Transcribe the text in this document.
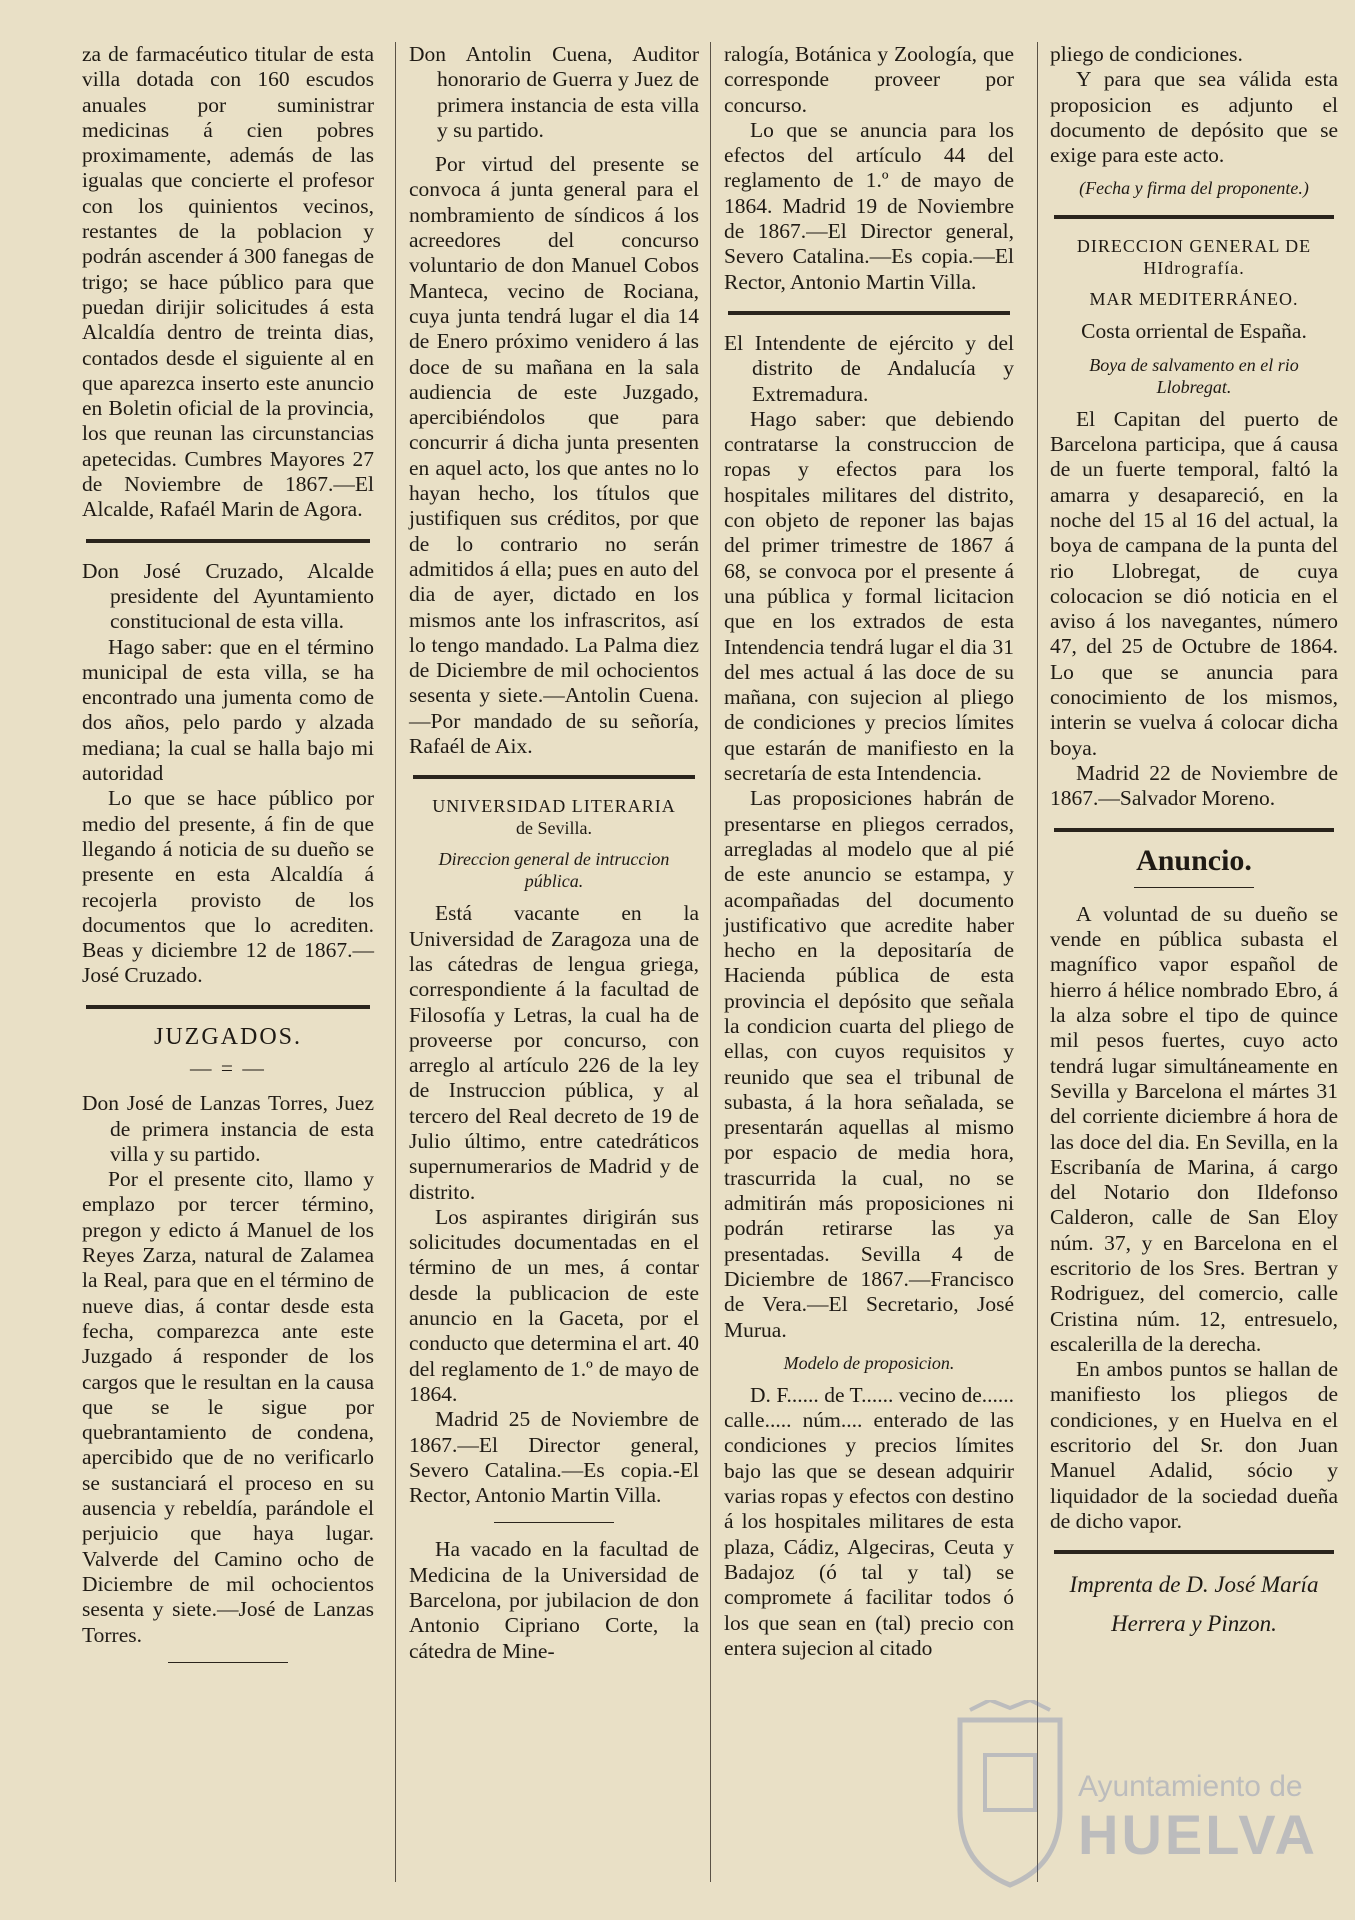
za de farmacéutico titular de esta villa dotada con 160 escudos anuales por suministrar medicinas á cien pobres proximamente, además de las igualas que concierte el profesor con los quinientos vecinos, restantes de la poblacion y podrán ascender á 300 fanegas de trigo; se hace público para que puedan dirijir solicitudes á esta Alcaldía dentro de treinta dias, contados desde el siguiente al en que aparezca inserto este anuncio en Boletin oficial de la provincia, los que reunan las circunstancias apetecidas. Cumbres Mayores 27 de Noviembre de 1867.—El Alcalde, Rafaél Marin de Agora.

Don José Cruzado, Alcalde presidente del Ayuntamiento constitucional de esta villa.

Hago saber: que en el término municipal de esta villa, se ha encontrado una jumenta como de dos años, pelo pardo y alzada mediana; la cual se halla bajo mi autoridad

Lo que se hace público por medio del presente, á fin de que llegando á noticia de su dueño se presente en esta Alcaldía á recojerla provisto de los documentos que lo acrediten. Beas y diciembre 12 de 1867.—José Cruzado.

JUZGADOS.
— = —

Don José de Lanzas Torres, Juez de primera instancia de esta villa y su partido.

Por el presente cito, llamo y emplazo por tercer término, pregon y edicto á Manuel de los Reyes Zarza, natural de Zalamea la Real, para que en el término de nueve dias, á contar desde esta fecha, comparezca ante este Juzgado á responder de los cargos que le resultan en la causa que se le sigue por quebrantamiento de condena, apercibido que de no verificarlo se sustanciará el proceso en su ausencia y rebeldía, parándole el perjuicio que haya lugar. Valverde del Camino ocho de Diciembre de mil ochocientos sesenta y siete.—José de Lanzas Torres.

Don Antolin Cuena, Auditor honorario de Guerra y Juez de primera instancia de esta villa y su partido.

Por virtud del presente se convoca á junta general para el nombramiento de síndicos á los acreedores del concurso voluntario de don Manuel Cobos Manteca, vecino de Rociana, cuya junta tendrá lugar el dia 14 de Enero próximo venidero á las doce de su mañana en la sala audiencia de este Juzgado, apercibiéndolos que para concurrir á dicha junta presenten en aquel acto, los que antes no lo hayan hecho, los títulos que justifiquen sus créditos, por que de lo contrario no serán admitidos á ella; pues en auto del dia de ayer, dictado en los mismos ante los infrascritos, así lo tengo mandado. La Palma diez de Diciembre de mil ochocientos sesenta y siete.—Antolin Cuena.—Por mandado de su señoría, Rafaél de Aix.

UNIVERSIDAD LITERARIA
de Sevilla.
Direccion general de intruccion pública.

Está vacante en la Universidad de Zaragoza una de las cátedras de lengua griega, correspondiente á la facultad de Filosofía y Letras, la cual ha de proveerse por concurso, con arreglo al artículo 226 de la ley de Instruccion pública, y al tercero del Real decreto de 19 de Julio último, entre catedráticos supernumerarios de Madrid y de distrito.

Los aspirantes dirigirán sus solicitudes documentadas en el término de un mes, á contar desde la publicacion de este anuncio en la Gaceta, por el conducto que determina el art. 40 del reglamento de 1.º de mayo de 1864.

Madrid 25 de Noviembre de 1867.—El Director general, Severo Catalina.—Es copia.-El Rector, Antonio Martin Villa.

Ha vacado en la facultad de Medicina de la Universidad de Barcelona, por jubilacion de don Antonio Cipriano Corte, la cátedra de Mine-

ralogía, Botánica y Zoología, que corresponde proveer por concurso.

Lo que se anuncia para los efectos del artículo 44 del reglamento de 1.º de mayo de 1864. Madrid 19 de Noviembre de 1867.—El Director general, Severo Catalina.—Es copia.—El Rector, Antonio Martin Villa.

El Intendente de ejército y del distrito de Andalucía y Extremadura.

Hago saber: que debiendo contratarse la construccion de ropas y efectos para los hospitales militares del distrito, con objeto de reponer las bajas del primer trimestre de 1867 á 68, se convoca por el presente á una pública y formal licitacion que en los extrados de esta Intendencia tendrá lugar el dia 31 del mes actual á las doce de su mañana, con sujecion al pliego de condiciones y precios límites que estarán de manifiesto en la secretaría de esta Intendencia.

Las proposiciones habrán de presentarse en pliegos cerrados, arregladas al modelo que al pié de este anuncio se estampa, y acompañadas del documento justificativo que acredite haber hecho en la depositaría de Hacienda pública de esta provincia el depósito que señala la condicion cuarta del pliego de ellas, con cuyos requisitos y reunido que sea el tribunal de subasta, á la hora señalada, se presentarán aquellas al mismo por espacio de media hora, trascurrida la cual, no se admitirán más proposiciones ni podrán retirarse las ya presentadas. Sevilla 4 de Diciembre de 1867.—Francisco de Vera.—El Secretario, José Murua.

Modelo de proposicion.

D. F...... de T...... vecino de...... calle..... núm.... enterado de las condiciones y precios límites bajo las que se desean adquirir varias ropas y efectos con destino á los hospitales militares de esta plaza, Cádiz, Algeciras, Ceuta y Badajoz (ó tal y tal) se compromete á facilitar todos ó los que sean en (tal) precio con entera sujecion al citado

pliego de condiciones.

Y para que sea válida esta proposicion es adjunto el documento de depósito que se exige para este acto.

(Fecha y firma del proponente.)
DIRECCION GENERAL DE HIdrografía.
MAR MEDITERRÁNEO.
Costa orriental de España.
Boya de salvamento en el rio Llobregat.

El Capitan del puerto de Barcelona participa, que á causa de un fuerte temporal, faltó la amarra y desapareció, en la noche del 15 al 16 del actual, la boya de campana de la punta del rio Llobregat, de cuya colocacion se dió noticia en el aviso á los navegantes, número 47, del 25 de Octubre de 1864. Lo que se anuncia para conocimiento de los mismos, interin se vuelva á colocar dicha boya.

Madrid 22 de Noviembre de 1867.—Salvador Moreno.

Anuncio.

A voluntad de su dueño se vende en pública subasta el magnífico vapor español de hierro á hélice nombrado Ebro, á la alza sobre el tipo de quince mil pesos fuertes, cuyo acto tendrá lugar simultáneamente en Sevilla y Barcelona el mártes 31 del corriente diciembre á hora de las doce del dia. En Sevilla, en la Escribanía de Marina, á cargo del Notario don Ildefonso Calderon, calle de San Eloy núm. 37, y en Barcelona en el escritorio de los Sres. Bertran y Rodriguez, del comercio, calle Cristina núm. 12, entresuelo, escalerilla de la derecha.

En ambos puntos se hallan de manifiesto los pliegos de condiciones, y en Huelva en el escritorio del Sr. don Juan Manuel Adalid, sócio y liquidador de la sociedad dueña de dicho vapor.

Imprenta de D. José María
Herrera y Pinzon.
Ayuntamiento de
HUELVA
